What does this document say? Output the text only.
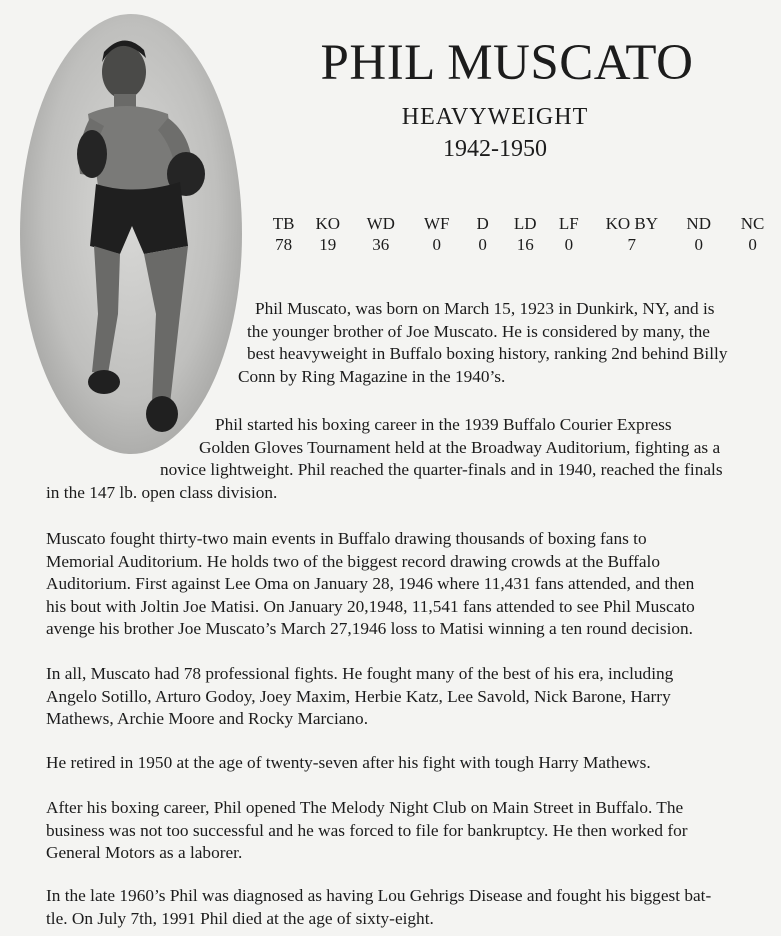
PHIL MUSCATO
HEAVYWEIGHT
1942-1950
TB	KO	WD	WF	D	LD	LF	KO BY	ND	NC
78	19	36	0	0	16	0	7	0	0
Phil Muscato, was born on March 15, 1923 in Dunkirk, NY, and is
the younger brother of Joe Muscato. He is considered by many, the
best heavyweight in Buffalo boxing history, ranking 2nd behind Billy
Conn by Ring Magazine in the 1940’s.
Phil started his boxing career in the 1939 Buffalo Courier Express
Golden Gloves Tournament held at the Broadway Auditorium, fighting as a
novice lightweight. Phil reached the quarter-finals and in 1940, reached the finals
in the 147 lb. open class division.
Muscato fought thirty-two main events in Buffalo drawing thousands of boxing fans to
Memorial Auditorium. He holds two of the biggest record drawing crowds at the Buffalo
Auditorium. First against Lee Oma on January 28, 1946 where 11,431 fans attended, and then
his bout with Joltin Joe Matisi. On January 20,1948, 11,541 fans attended to see Phil Muscato
avenge his brother Joe Muscato’s March 27,1946 loss to Matisi winning a ten round decision.
In all, Muscato had 78 professional fights. He fought many of the best of his era, including
Angelo Sotillo, Arturo Godoy, Joey Maxim, Herbie Katz, Lee Savold, Nick Barone, Harry
Mathews, Archie Moore and Rocky Marciano.
He retired in 1950 at the age of twenty-seven after his fight with tough Harry Mathews.
After his boxing career, Phil opened The Melody Night Club on Main Street in Buffalo. The
business was not too successful and he was forced to file for bankruptcy. He then worked for
General Motors as a laborer.
In the late 1960’s Phil was diagnosed as having Lou Gehrigs Disease and fought his biggest bat-
tle. On July 7th, 1991 Phil died at the age of sixty-eight.
